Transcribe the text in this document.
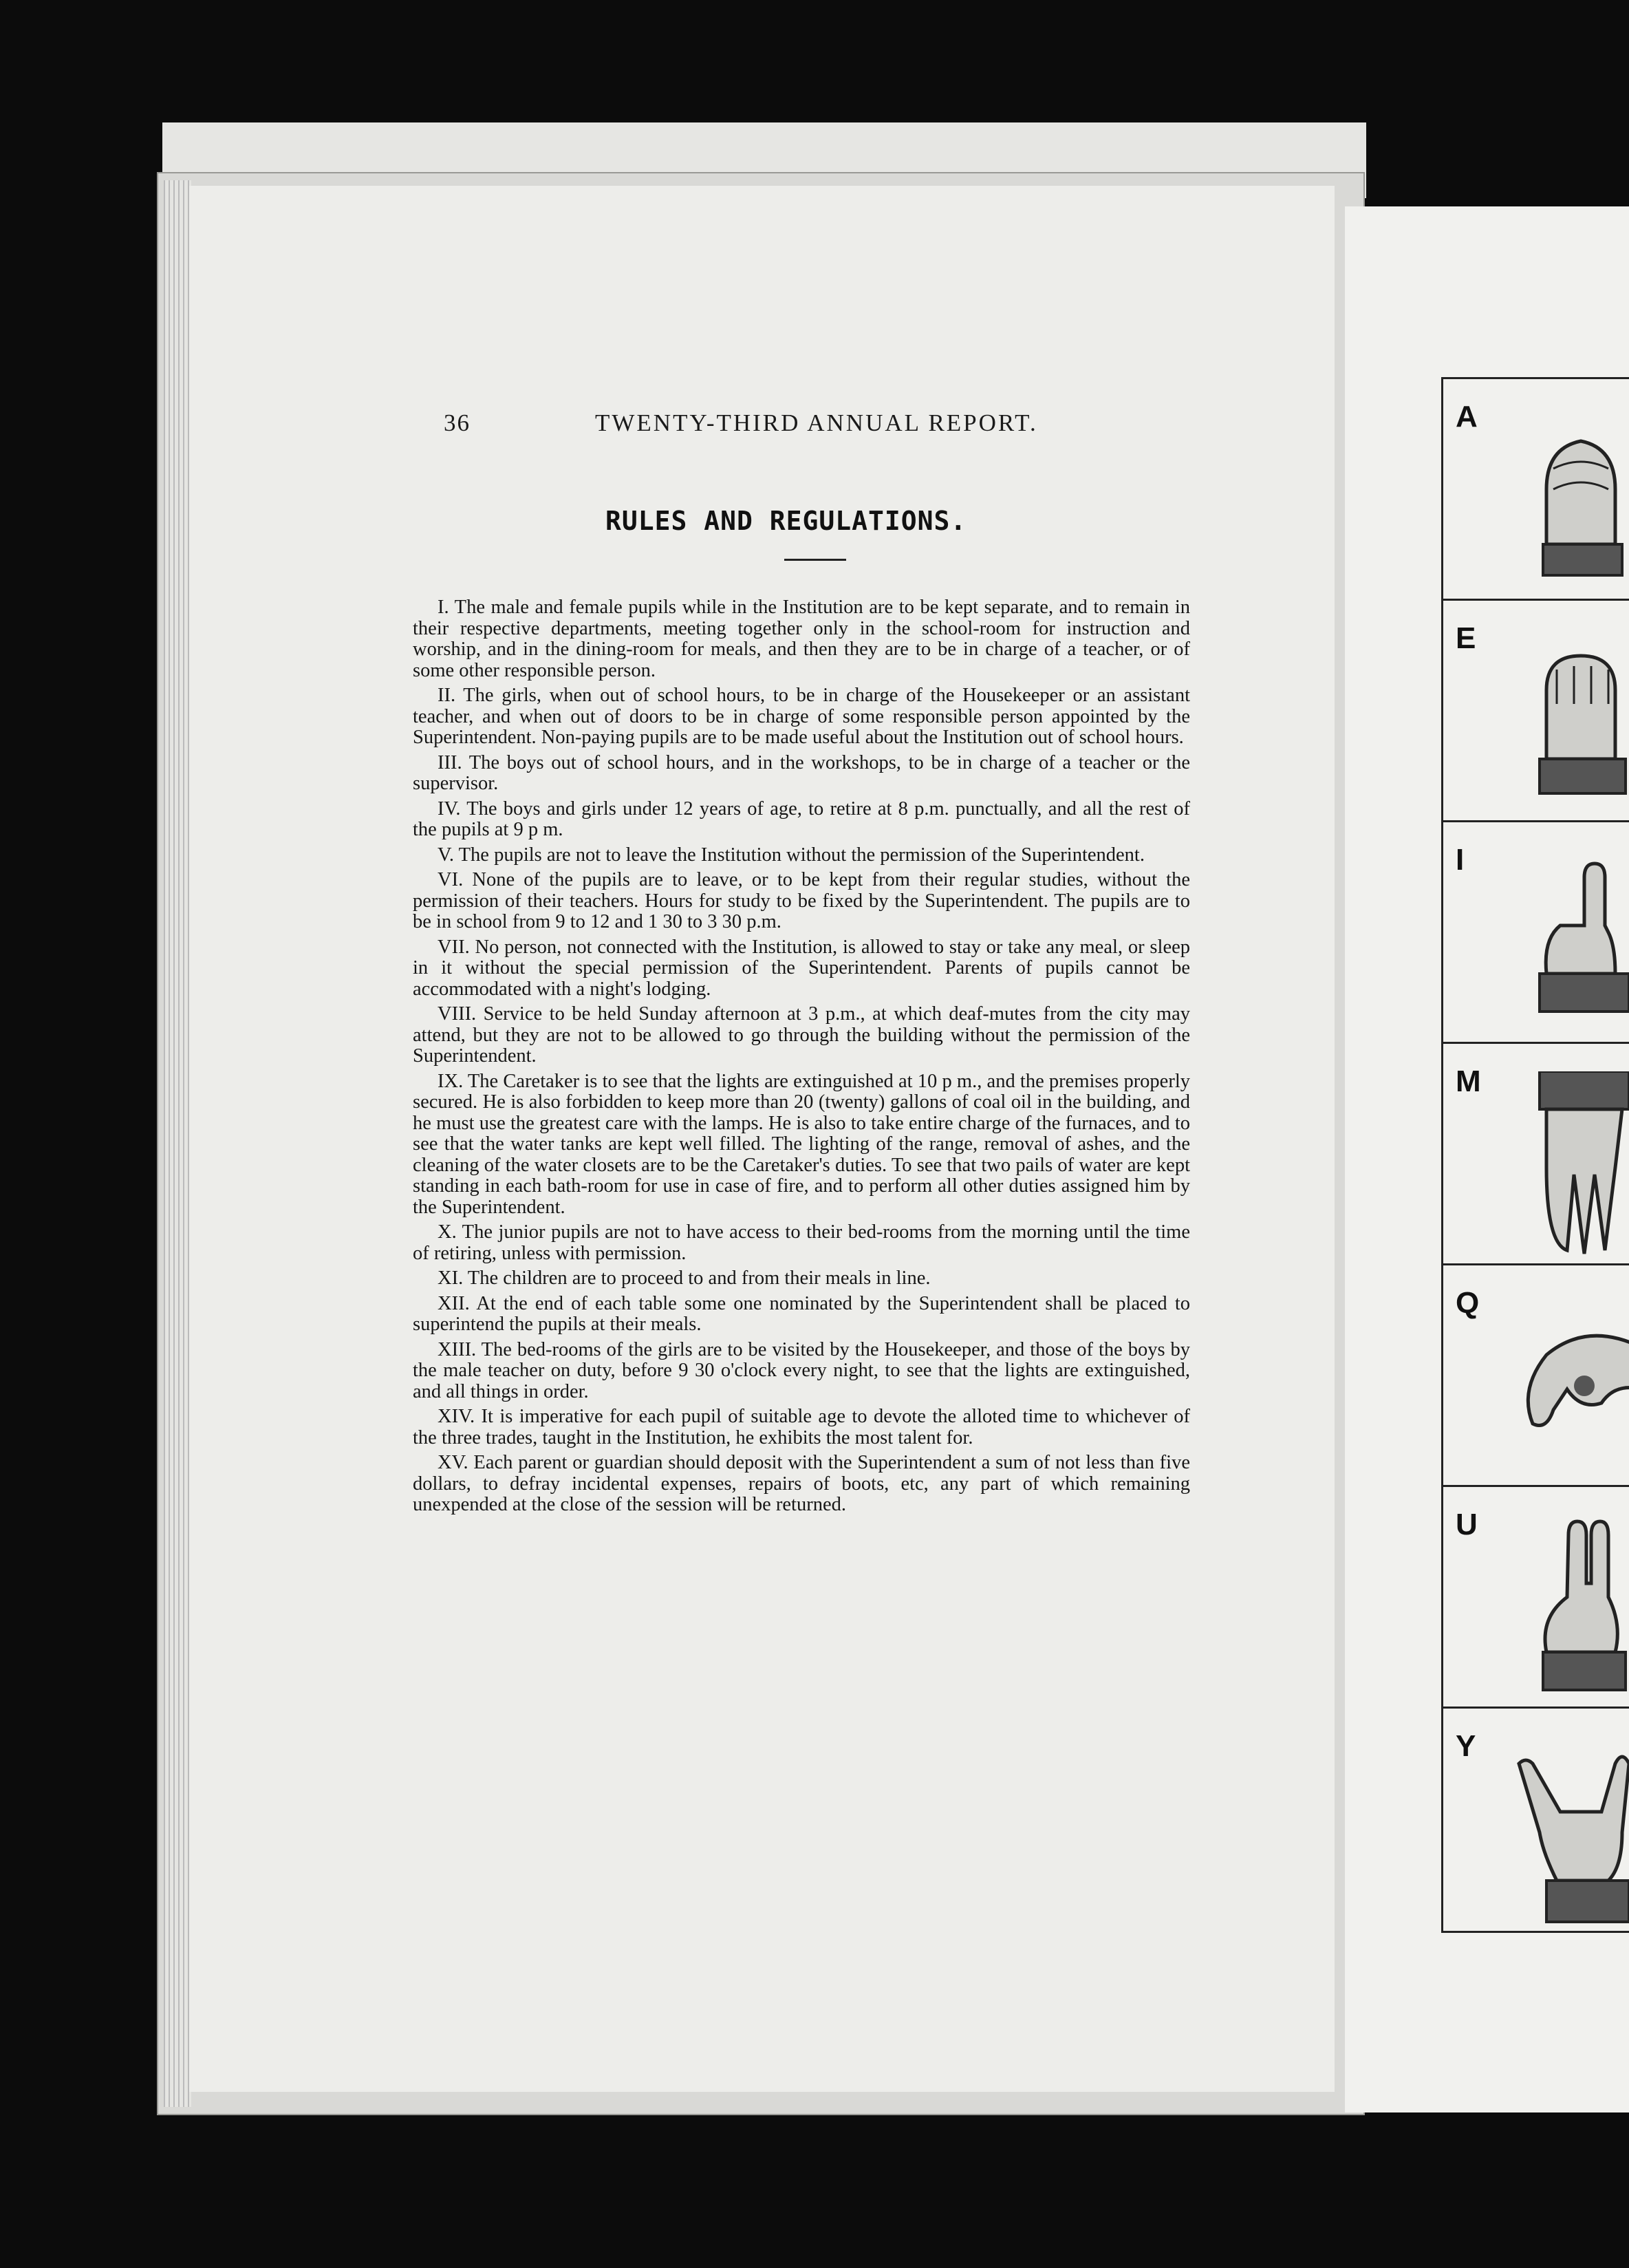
36	TWENTY-THIRD ANNUAL REPORT.
RULES AND REGULATIONS.

I. The male and female pupils while in the Institution are to be kept separate, and to remain in their respective departments, meeting together only in the school-room for instruction and worship, and in the dining-room for meals, and then they are to be in charge of a teacher, or of some other responsible person.

II. The girls, when out of school hours, to be in charge of the Housekeeper or an assistant teacher, and when out of doors to be in charge of some responsible person appointed by the Superintendent. Non-paying pupils are to be made useful about the Institution out of school hours.

III. The boys out of school hours, and in the workshops, to be in charge of a teacher or the supervisor.

IV. The boys and girls under 12 years of age, to retire at 8 p.m. punctually, and all the rest of the pupils at 9 p m.

V. The pupils are not to leave the Institution without the permission of the Superintendent.

VI. None of the pupils are to leave, or to be kept from their regular studies, without the permission of their teachers. Hours for study to be fixed by the Superintendent. The pupils are to be in school from 9 to 12 and 1 30 to 3 30 p.m.

VII. No person, not connected with the Institution, is allowed to stay or take any meal, or sleep in it without the special permission of the Superintendent. Parents of pupils cannot be accommodated with a night's lodging.

VIII. Service to be held Sunday afternoon at 3 p.m., at which deaf-mutes from the city may attend, but they are not to be allowed to go through the building without the permission of the Superintendent.

IX. The Caretaker is to see that the lights are extinguished at 10 p m., and the premises properly secured. He is also forbidden to keep more than 20 (twenty) gallons of coal oil in the building, and he must use the greatest care with the lamps. He is also to take entire charge of the furnaces, and to see that the water tanks are kept well filled. The lighting of the range, removal of ashes, and the cleaning of the water closets are to be the Caretaker's duties. To see that two pails of water are kept standing in each bath-room for use in case of fire, and to perform all other duties assigned him by the Superintendent.

X. The junior pupils are not to have access to their bed-rooms from the morning until the time of retiring, unless with permission.

XI. The children are to proceed to and from their meals in line.

XII. At the end of each table some one nominated by the Superintendent shall be placed to superintend the pupils at their meals.

XIII. The bed-rooms of the girls are to be visited by the Housekeeper, and those of the boys by the male teacher on duty, before 9 30 o'clock every night, to see that the lights are extinguished, and all things in order.

XIV. It is imperative for each pupil of suitable age to devote the alloted time to whichever of the three trades, taught in the Institution, he exhibits the most talent for.

XV. Each parent or guardian should deposit with the Superintendent a sum of not less than five dollars, to defray incidental expenses, repairs of boots, etc, any part of which remaining unexpended at the close of the session will be returned.

A
E
I
M
Q
U
Y
